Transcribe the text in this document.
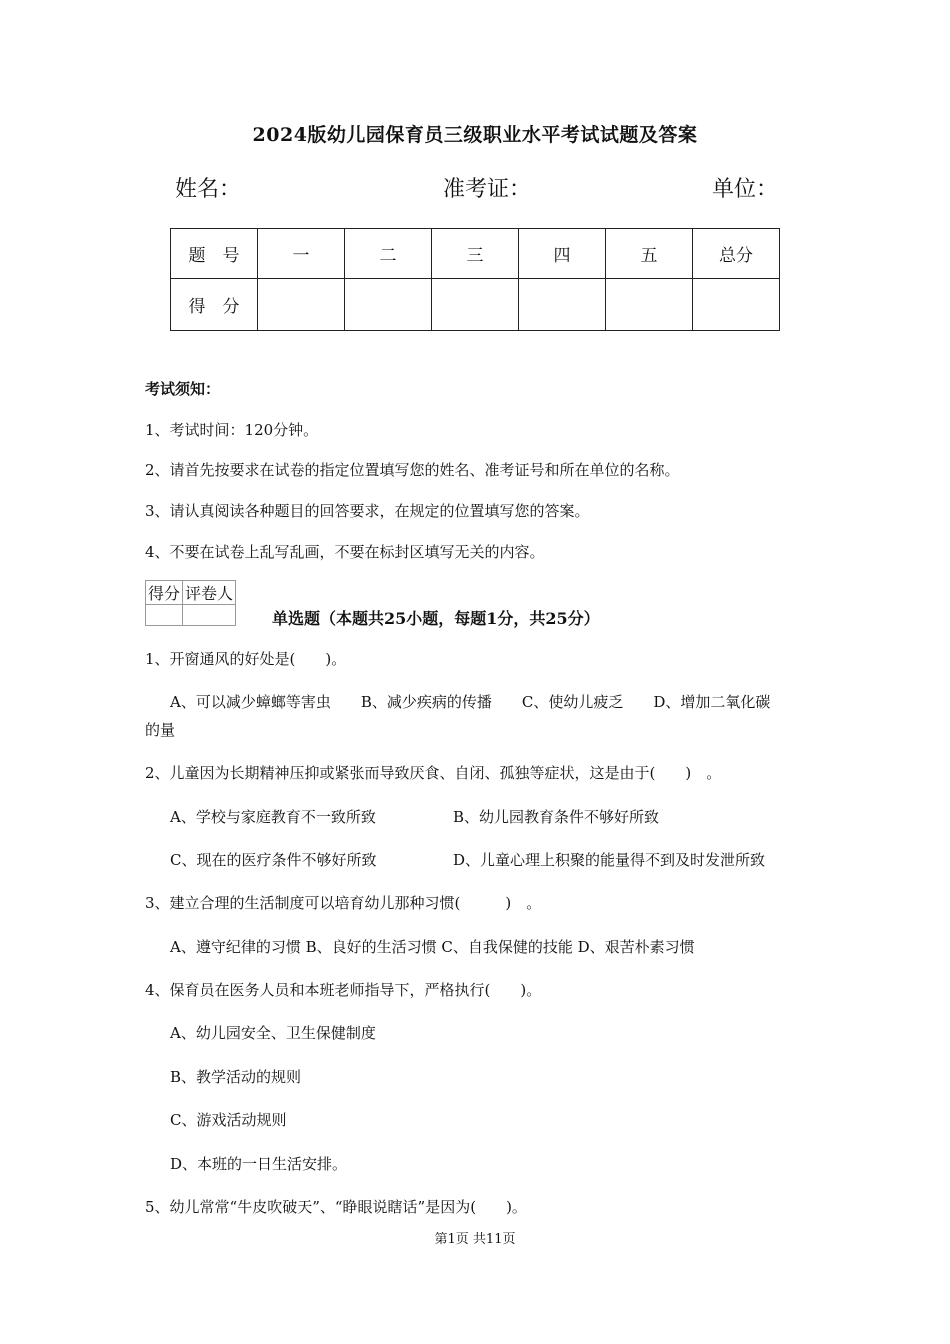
2024版幼儿园保育员三级职业水平考试试题及答案
姓名：	准考证：	单位：
题　号	一	二	三	四	五	总分
得　分						
考试须知：
1、考试时间：120分钟。
2、请首先按要求在试卷的指定位置填写您的姓名、准考证号和所在单位的名称。
3、请认真阅读各种题目的回答要求，在规定的位置填写您的答案。
4、不要在试卷上乱写乱画，不要在标封区填写无关的内容。
得分	评卷人

单选题（本题共25小题，每题1分，共25分）
1、开窗通风的好处是(　　)。
A、可以减少蟑螂等害虫　　B、减少疾病的传播　　C、使幼儿疲乏　　D、增加二氧化碳
的量
2、儿童因为长期精神压抑或紧张而导致厌食、自闭、孤独等症状，这是由于(　　)　。
A、学校与家庭教育不一致所致	B、幼儿园教育条件不够好所致
C、现在的医疗条件不够好所致	D、儿童心理上积聚的能量得不到及时发泄所致
3、建立合理的生活制度可以培育幼儿那种习惯(　　　)　。
A、遵守纪律的习惯 B、良好的生活习惯 C、自我保健的技能 D、艰苦朴素习惯
4、保育员在医务人员和本班老师指导下，严格执行(　　)。
A、幼儿园安全、卫生保健制度
B、教学活动的规则
C、游戏活动规则
D、本班的一日生活安排。
5、幼儿常常“牛皮吹破天”、“睁眼说瞎话”是因为(　　)。
第1页 共11页
